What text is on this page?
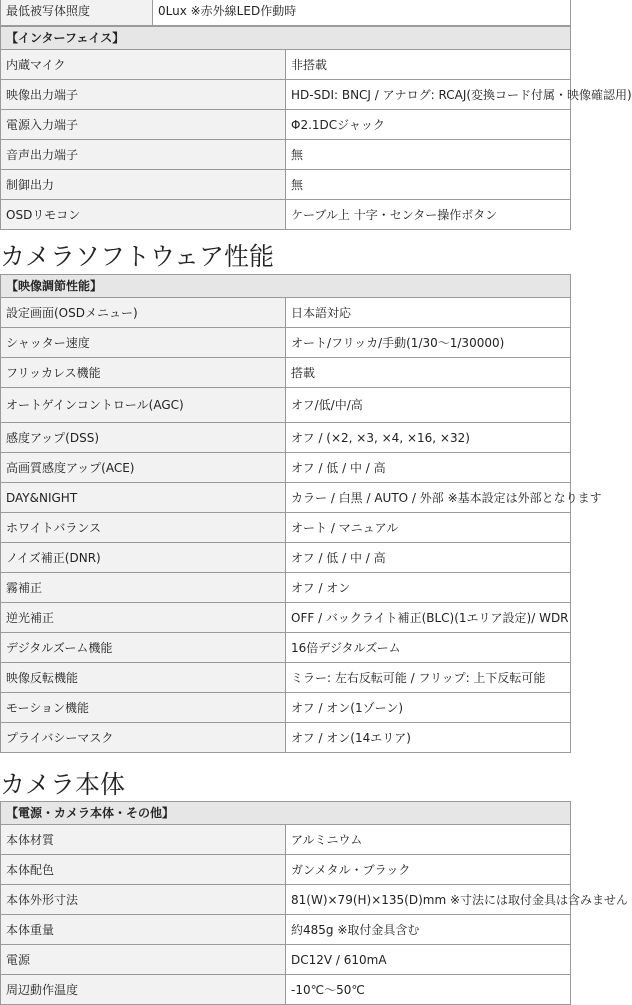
最低被写体照度	0Lux ※赤外線LED作動時
【インターフェイス】	
内蔵マイク	非搭載
映像出力端子	HD-SDI: BNCJ / アナログ: RCAJ(変換コード付属・映像確認用)
電源入力端子	Φ2.1DCジャック
音声出力端子	無
制御出力	無
OSDリモコン	ケーブル上 十字・センター操作ボタン
カメラソフトウェア性能
【映像調節性能】	
設定画面(OSDメニュー)	日本語対応
シャッター速度	オート/フリッカ/手動(1/30～1/30000)
フリッカレス機能	搭載
オートゲインコントロール(AGC)	オフ/低/中/高
感度アップ(DSS)	オフ / (×2, ×3, ×4, ×16, ×32)
高画質感度アップ(ACE)	オフ / 低 / 中 / 高
DAY&NIGHT	カラー / 白黒 / AUTO / 外部 ※基本設定は外部となります
ホワイトバランス	オート / マニュアル
ノイズ補正(DNR)	オフ / 低 / 中 / 高
霧補正	オフ / オン
逆光補正	OFF / バックライト補正(BLC)(1エリア設定)/ WDR
デジタルズーム機能	16倍デジタルズーム
映像反転機能	ミラー: 左右反転可能 / フリップ: 上下反転可能
モーション機能	オフ / オン(1ゾーン)
プライバシーマスク	オフ / オン(14エリア)
カメラ本体
【電源・カメラ本体・その他】	
本体材質	アルミニウム
本体配色	ガンメタル・ブラック
本体外形寸法	81(W)×79(H)×135(D)mm ※寸法には取付金具は含みません
本体重量	約485g ※取付金具含む
電源	DC12V / 610mA
周辺動作温度	-10℃～50℃
